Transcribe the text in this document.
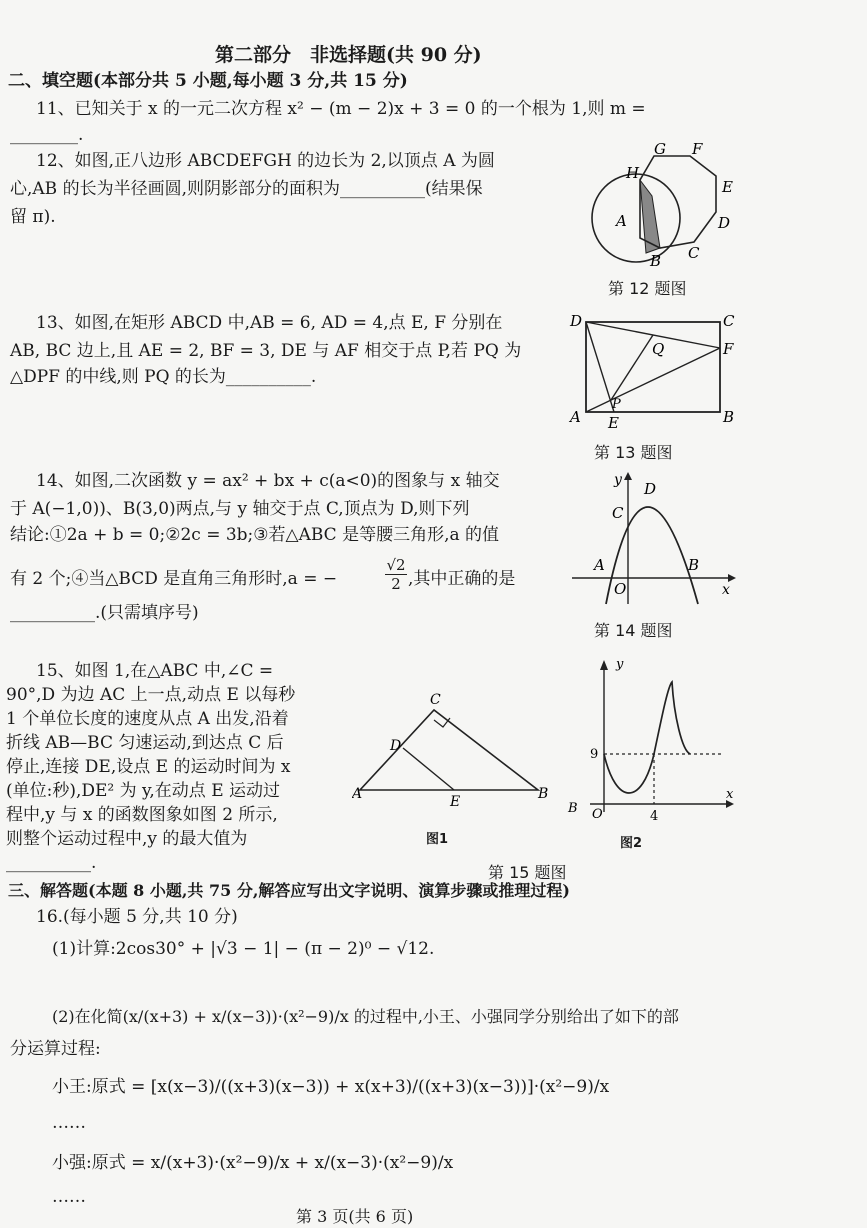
第二部分　非选择题(共 90 分)
二、填空题(本部分共 5 小题,每小题 3 分,共 15 分)
11、已知关于 x 的一元二次方程 x² − (m − 2)x + 3 = 0 的一个根为 1,则 m =
________.
12、如图,正八边形 ABCDEFGH 的边长为 2,以顶点 A 为圆
心,AB 的长为半径画圆,则阴影部分的面积为__________(结果保
留 π).
G F
H
E
A	D
B C
第 12 题图
13、如图,在矩形 ABCD 中,AB = 6, AD = 4,点 E, F 分别在
AB, BC 边上,且 AE = 2, BF = 3, DE 与 AF 相交于点 P,若 PQ 为
△DPF 的中线,则 PQ 的长为__________.
D	C
Q	F
P
A E	B
第 13 题图
14、如图,二次函数 y = ax² + bx + c(a<0)的图象与 x 轴交
于 A(−1,0))、B(3,0)两点,与 y 轴交于点 C,顶点为 D,则下列
结论:①2a + b = 0;②2c = 3b;③若△ABC 是等腰三角形,a 的值
有 2 个;④当△BCD 是直角三角形时,a = −	$\frac{√2}{2}$ ,其中正确的是
__________.(只需填序号)
y D
C
A
O
B
x
第 14 题图
15、如图 1,在△ABC 中,∠C =
90°,D 为边 AC 上一点,动点 E 以每秒
1 个单位长度的速度从点 A 出发,沿着
折线 AB—BC 匀速运动,到达点 C 后
停止,连接 DE,设点 E 的运动时间为 x
(单位:秒),DE² 为 y,在动点 E 运动过
程中,y 与 x 的函数图象如图 2 所示,
则整个运动过程中,y 的最大值为
__________.
C
D
A	E	B
图1
y
9
B O	4
x
图2
第 15 题图
三、解答题(本题 8 小题,共 75 分,解答应写出文字说明、演算步骤或推理过程)
16.(每小题 5 分,共 10 分)
(1)计算:2cos30° + |√3 − 1| − (π − 2)⁰ − √12.
(2)在化简(x/(x+3) + x/(x−3))·(x²−9)/x 的过程中,小王、小强同学分别给出了如下的部
分运算过程:
小王:原式 = [x(x−3)/((x+3)(x−3)) + x(x+3)/((x+3)(x−3))]·(x²−9)/x
……
小强:原式 = x/(x+3)·(x²−9)/x + x/(x−3)·(x²−9)/x
……
第 3 页(共 6 页)
